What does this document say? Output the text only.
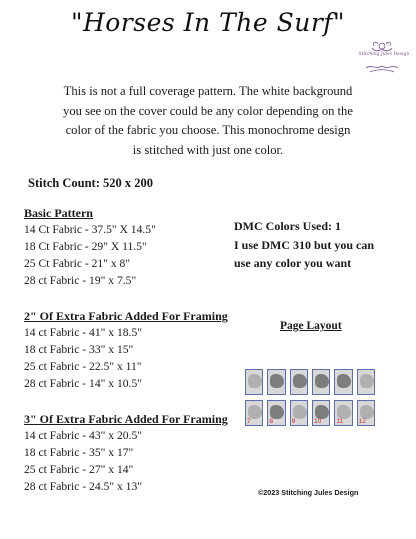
"Horses In The Surf"
Stitching Jules Design
This is not a full coverage pattern. The white background
you see on the cover could be any color depending on the
color of the fabric you choose. This monochrome design
is stitched with just one color.
Stitch Count: 520 x 200
Basic Pattern
14 Ct Fabric - 37.5" X 14.5"
18 Ct Fabric - 29" X 11.5"
25 Ct Fabric - 21" x 8"
28 ct Fabric - 19" x 7.5"
2" Of Extra Fabric Added For Framing
14 ct Fabric - 41" x 18.5"
18 ct Fabric - 33" x 15"
25 ct Fabric - 22.5" x 11"
28 ct Fabric - 14" x 10.5"
3" Of Extra Fabric Added For Framing
14 ct Fabric - 43" x 20.5"
18 ct Fabric - 35" x 17"
25 ct Fabric - 27" x 14"
28 ct Fabric - 24.5" x 13"
DMC Colors Used: 1
I use DMC 310 but you can
use any color you want
Page Layout
7	8	9	10 11 12
©2023 Stitching Jules Design
